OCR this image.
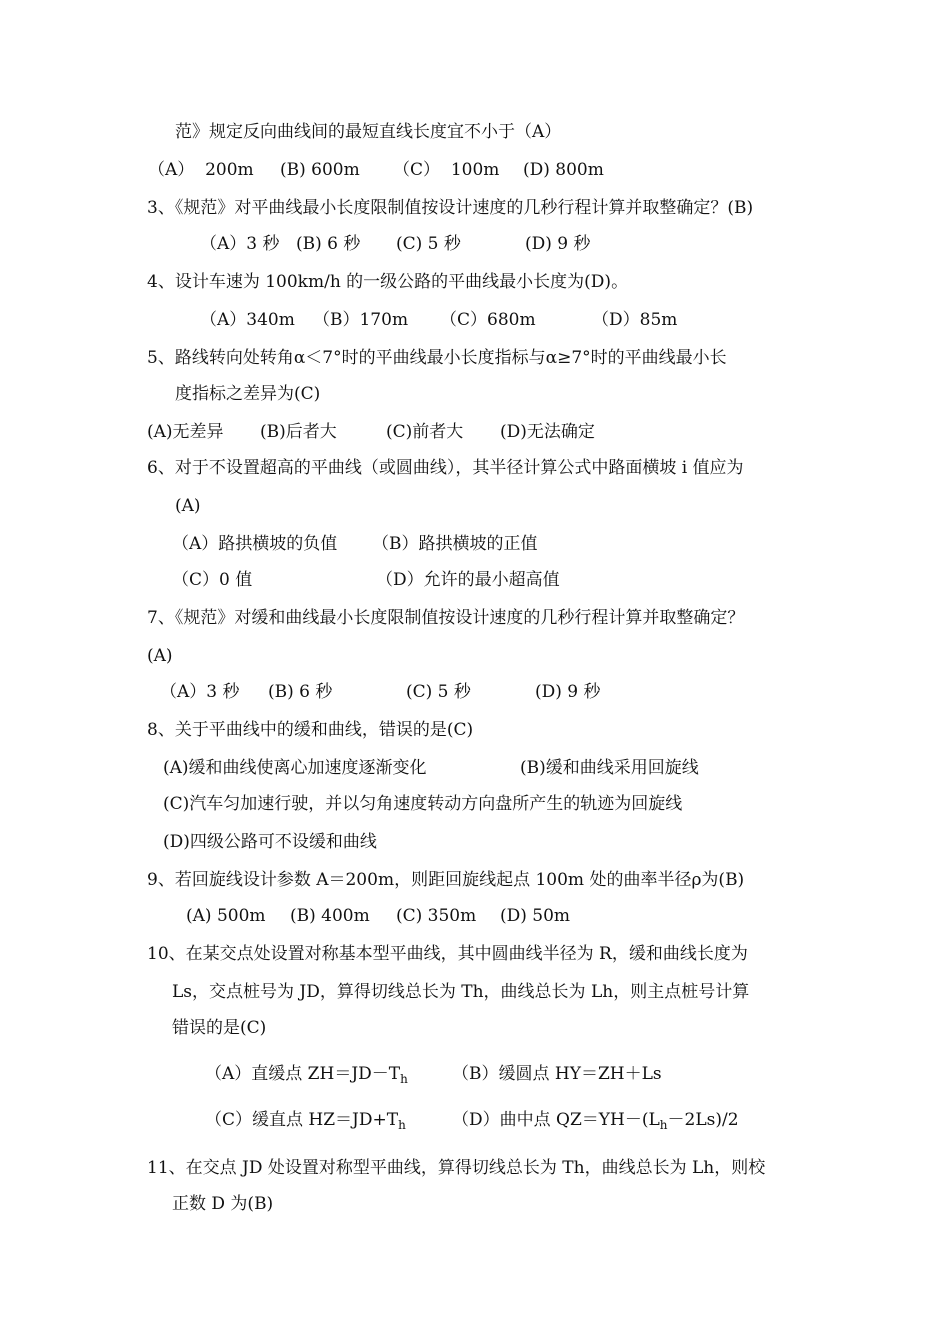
范》规定反向曲线间的最短直线长度宜不小于（A）
（A）  200m (B) 600m （C）  100m (D) 800m
3、《规范》对平曲线最小长度限制值按设计速度的几秒行程计算并取整确定？(B)
（A）3 秒 (B) 6 秒 (C) 5 秒	(D) 9 秒
4、设计车速为 100km/h 的一级公路的平曲线最小长度为(D)。
（A）340m （B）170m （C）680m	（D）85m
5、路线转向处转角α＜7°时的平曲线最小长度指标与α≥7°时的平曲线最小长
度指标之差异为(C)
(A)无差异 (B)后者大	(C)前者大 (D)无法确定
6、对于不设置超高的平曲线（或圆曲线），其半径计算公式中路面横坡 i 值应为
(A)
（A）路拱横坡的负值 （B）路拱横坡的正值
（C）0 值	（D）允许的最小超高值
7、《规范》对缓和曲线最小长度限制值按设计速度的几秒行程计算并取整确定？
(A)
（A）3 秒 (B) 6 秒	(C) 5 秒	(D) 9 秒
8、关于平曲线中的缓和曲线，错误的是(C)
(A)缓和曲线使离心加速度逐渐变化	(B)缓和曲线采用回旋线
(C)汽车匀加速行驶，并以匀角速度转动方向盘所产生的轨迹为回旋线
(D)四级公路可不设缓和曲线
9、若回旋线设计参数 A＝200m，则距回旋线起点 100m 处的曲率半径ρ为(B)
(A) 500m (B) 400m (C) 350m (D) 50m
10、在某交点处设置对称基本型平曲线，其中圆曲线半径为 R，缓和曲线长度为
Ls，交点桩号为 JD，算得切线总长为 Th，曲线总长为 Lh，则主点桩号计算
错误的是(C)
（A）直缓点 $ZH=JD-T_h$	（B）缓圆点 HY＝ZH＋Ls
（C）缓直点 $HZ=JD+T_h$	（D）曲中点 $QZ=YH-(L_h-2Ls)/2$
11、在交点 JD 处设置对称型平曲线，算得切线总长为 Th，曲线总长为 Lh，则校
正数 D 为(B)
